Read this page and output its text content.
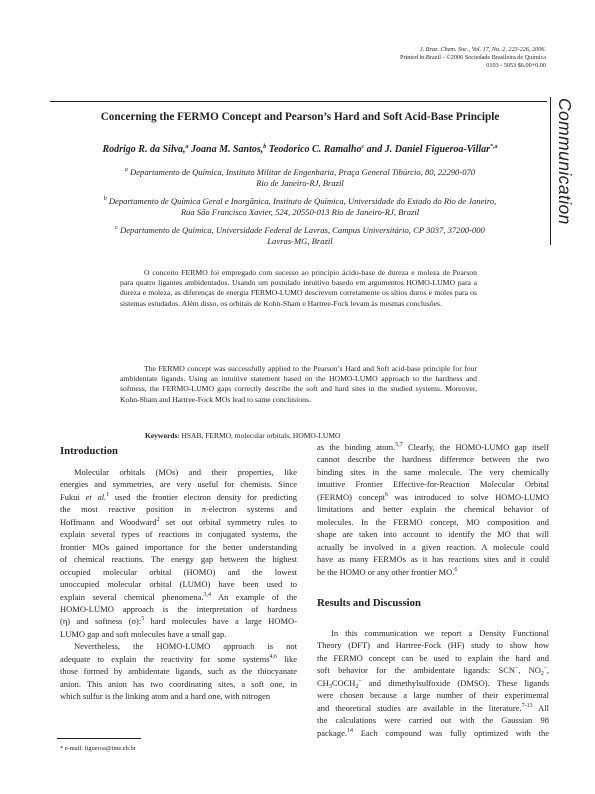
J. Braz. Chem. Soc., Vol. 17, No. 2, 223-226, 2006.
Printed in Brazil - ©2006 Sociedade Brasileira de Química
0103 - 5053 $6.00+0.00
Communication
Concerning the FERMO Concept and Pearson’s Hard and Soft Acid-Base Principle
Rodrigo R. da Silva,$^a$ Joana M. Santos,$^b$ Teodorico C. Ramalho$^c$ and J. Daniel Figueroa-Villar$^{*,a}$
$^a$ Departamento de Química, Instituto Militar de Engenharia, Praça General Tibúrcio, 80, 22290-070
Rio de Janeiro-RJ, Brazil
$^b$ Departamento de Química Geral e Inorgânica, Instituto de Química, Universidade do Estado do Rio de Janeiro,
Rua São Francisco Xavier, 524, 20550-013 Rio de Janeiro-RJ, Brazil
$^c$ Departamento de Química, Universidade Federal de Lavras, Campus Universitário, CP 3037, 37200-000
Lavras-MG, Brazil
O conceito FERMO foi empregado com sucesso ao princípio ácido-base de dureza e moleza de Pearson para quatro ligantes ambidentados. Usando um postulado intuitivo basedo em argumentos HOMO-LUMO para a dureza e moleza, as diferenças de energia FERMO-LUMO descrevem corretamente os sítios duros e moles para os sistemas estudados. Além disso, os orbitais de Kohn-Sham e Hartree-Fock levam às mesmas conclusões.
The FERMO concept was successfully applied to the Pearson’s Hard and Soft acid-base principle for four ambidentate ligands. Using an intuitive statement based on the HOMO-LUMO approach to the hardness and softness, the FERMO-LUMO gaps correctly describe the soft and hard sites in the studied systems. Moreover, Kohn-Sham and Hartree-Fock MOs lead to same conclusions.
Keywords: HSAB, FERMO, molecular orbitals, HOMO-LUMO
Introduction
Results and Discussion
Molecular orbitals (MOs) and their properties, like
energies and symmetries, are very useful for chemists. Since
Fukui et al.$^1$ used the frontier electron density for predicting
the most reactive position in π-electron systems and
Hoffmann and Woodward$^2$ set out orbital symmetry rules to
explain several types of reactions in conjugated systems, the
frontier MOs gained importance for the better understanding
of chemical reactions. The energy gap between the highest
occupied molecular orbital (HOMO) and the lowest
unoccupied molecular orbital (LUMO) have been used to
explain several chemical phenomena.$^{3,4}$ An example of the
HOMO-LUMO approach is the interpretation of hardness
(η) and softness (σ):$^5$ hard molecules have a large HOMO-
LUMO gap and soft molecules have a small gap.
Nevertheless, the HOMO-LUMO approach is not
adequate to explain the reactivity for some systems$^{4,6}$ like
those formed by ambidentate ligands, such as the thiocyanate
anion. This anion has two coordinating sites, a soft one, in
which sulfur is the linking atom and a hard one, with nitrogen
as the binding atom.$^{5,7}$ Clearly, the HOMO-LUMO gap itself
cannot describe the hardness difference between the two
binding sites in the same molecule. The very chemically
intuitive Frontier Effective-for-Reaction Molecular Orbital
(FERMO) concept$^6$ was introduced to solve HOMO-LUMO
limitations and better explain the chemical behavior of
molecules. In the FERMO concept, MO composition and
shape are taken into account to identify the MO that will
actually be involved in a given reaction. A molecule could
have as many FERMOs as it has reactions sites and it could
be the HOMO or any other frontier MO.$^6$
In this communication we report a Density Functional
Theory (DFT) and Hartree-Fock (HF) study to show how
the FERMO concept can be used to explain the hard and
soft behavior for the ambidentate ligands: SCN–, $NO_2^-$,
$CH_3COCH_2^-$ and dimethylsulfoxide (DMSO). These ligands
were chosen because a large number of their experimental
and theoretical studies are available in the literature.$^{7-13}$ All
the calculations were carried out with the Gaussian 98
package.$^{14}$ Each compound was fully optimized with the
* e-mail: figueroa@ime.eb.br
